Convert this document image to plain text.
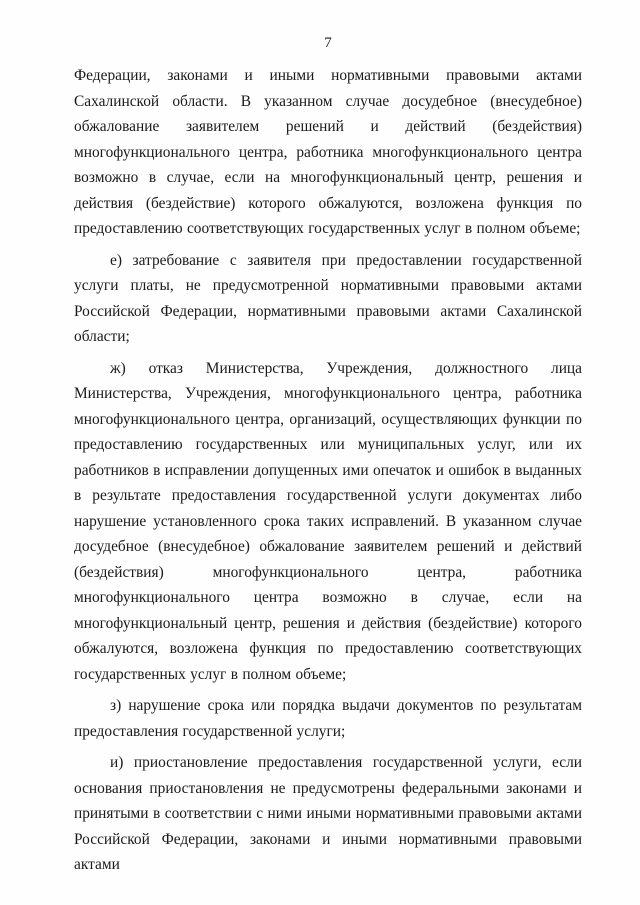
7

Федерации, законами и иными нормативными правовыми актами Сахалинской области. В указанном случае досудебное (внесудебное) обжалование заявителем решений и действий (бездействия) многофункционального центра, работника многофункционального центра возможно в случае, если на многофункциональный центр, решения и действия (бездействие) которого обжалуются, возложена функция по предоставлению соответствующих государственных услуг в полном объеме;

е) затребование с заявителя при предоставлении государственной услуги платы, не предусмотренной нормативными правовыми актами Российской Федерации, нормативными правовыми актами Сахалинской области;

ж) отказ Министерства, Учреждения, должностного лица Министерства, Учреждения, многофункционального центра, работника многофункционального центра, организаций, осуществляющих функции по предоставлению государственных или муниципальных услуг, или их работников в исправлении допущенных ими опечаток и ошибок в выданных в результате предоставления государственной услуги документах либо нарушение установленного срока таких исправлений. В указанном случае досудебное (внесудебное) обжалование заявителем решений и действий (бездействия) многофункционального центра, работника многофункционального центра возможно в случае, если на многофункциональный центр, решения и действия (бездействие) которого обжалуются, возложена функция по предоставлению соответствующих государственных услуг в полном объеме;

з) нарушение срока или порядка выдачи документов по результатам предоставления государственной услуги;

и) приостановление предоставления государственной услуги, если основания приостановления не предусмотрены федеральными законами и принятыми в соответствии с ними иными нормативными правовыми актами Российской Федерации, законами и иными нормативными правовыми актами
